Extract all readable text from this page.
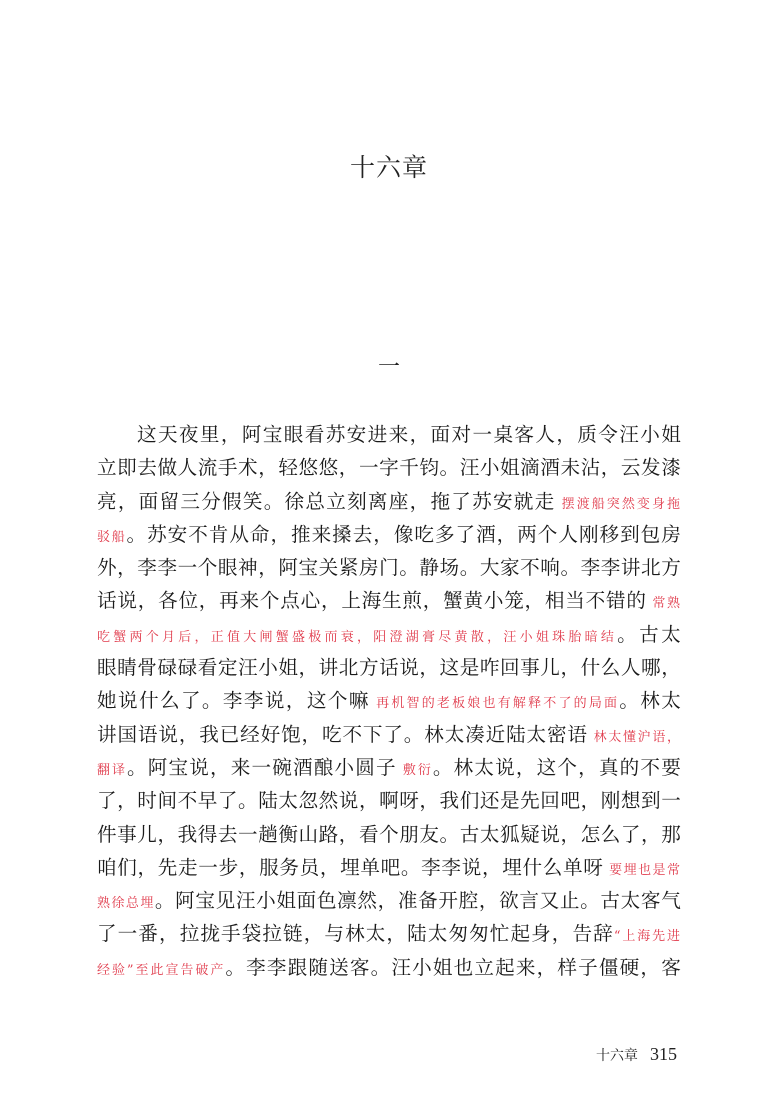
十六章
一
这天夜里，阿宝眼看苏安进来，面对一桌客人，质令汪小姐
立即去做人流手术，轻悠悠，一字千钧。汪小姐滴酒未沾，云发漆
亮，面留三分假笑。徐总立刻离座，拖了苏安就走 摆渡船突然变身拖
驳船。苏安不肯从命，推来搡去，像吃多了酒，两个人刚移到包房
外，李李一个眼神，阿宝关紧房门。静场。大家不响。李李讲北方
话说，各位，再来个点心，上海生煎，蟹黄小笼，相当不错的 常熟
吃蟹两个月后，正值大闸蟹盛极而衰，阳澄湖膏尽黄散，汪小姐珠胎暗结。古太
眼睛骨碌碌看定汪小姐，讲北方话说，这是咋回事儿，什么人哪，
她说什么了。李李说，这个嘛 再机智的老板娘也有解释不了的局面。林太
讲国语说，我已经好饱，吃不下了。林太凑近陆太密语 林太懂沪语，
翻译。阿宝说，来一碗酒酿小圆子 敷衍。林太说，这个，真的不要
了，时间不早了。陆太忽然说，啊呀，我们还是先回吧，刚想到一
件事儿，我得去一趟衡山路，看个朋友。古太狐疑说，怎么了，那
咱们，先走一步，服务员，埋单吧。李李说，埋什么单呀 要埋也是常
熟徐总埋。阿宝见汪小姐面色凛然，准备开腔，欲言又止。古太客气
了一番，拉拢手袋拉链，与林太，陆太匆匆忙起身，告辞“上海先进
经验”至此宣告破产。李李跟随送客。汪小姐也立起来，样子僵硬，客
十六章 315
